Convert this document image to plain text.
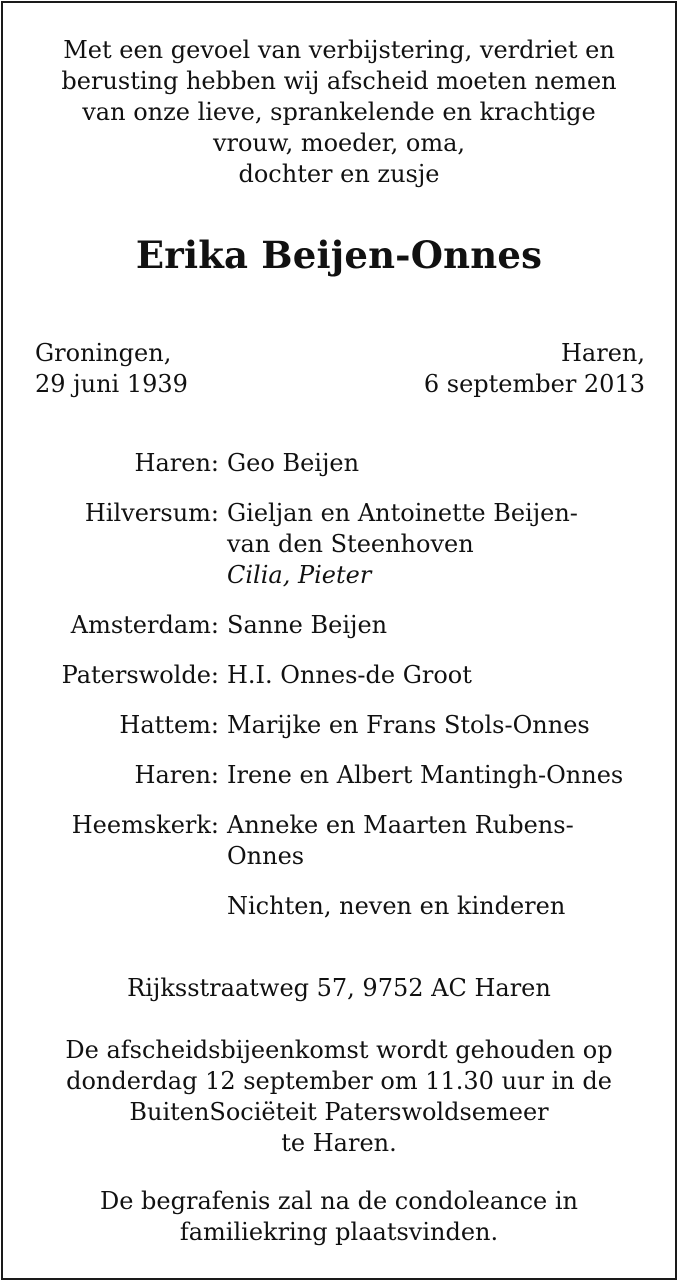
Met een gevoel van verbijstering, verdriet en
berusting hebben wij afscheid moeten nemen
van onze lieve, sprankelende en krachtige
vrouw, moeder, oma,
dochter en zusje
Erika Beijen-Onnes
Groningen,
29 juni 1939
Haren,
6 september 2013
Haren: Geo Beijen
Hilversum: Gieljan en Antoinette Beijen-
van den Steenhoven
Cilia, Pieter
Amsterdam: Sanne Beijen
Paterswolde: H.I. Onnes-de Groot
Hattem: Marijke en Frans Stols-Onnes
Haren: Irene en Albert Mantingh-Onnes
Heemskerk: Anneke en Maarten Rubens-
Onnes
Nichten, neven en kinderen
Rijksstraatweg 57, 9752 AC Haren
De afscheidsbijeenkomst wordt gehouden op
donderdag 12 september om 11.30 uur in de
BuitenSociëteit Paterswoldsemeer
te Haren.
De begrafenis zal na de condoleance in
familiekring plaatsvinden.
